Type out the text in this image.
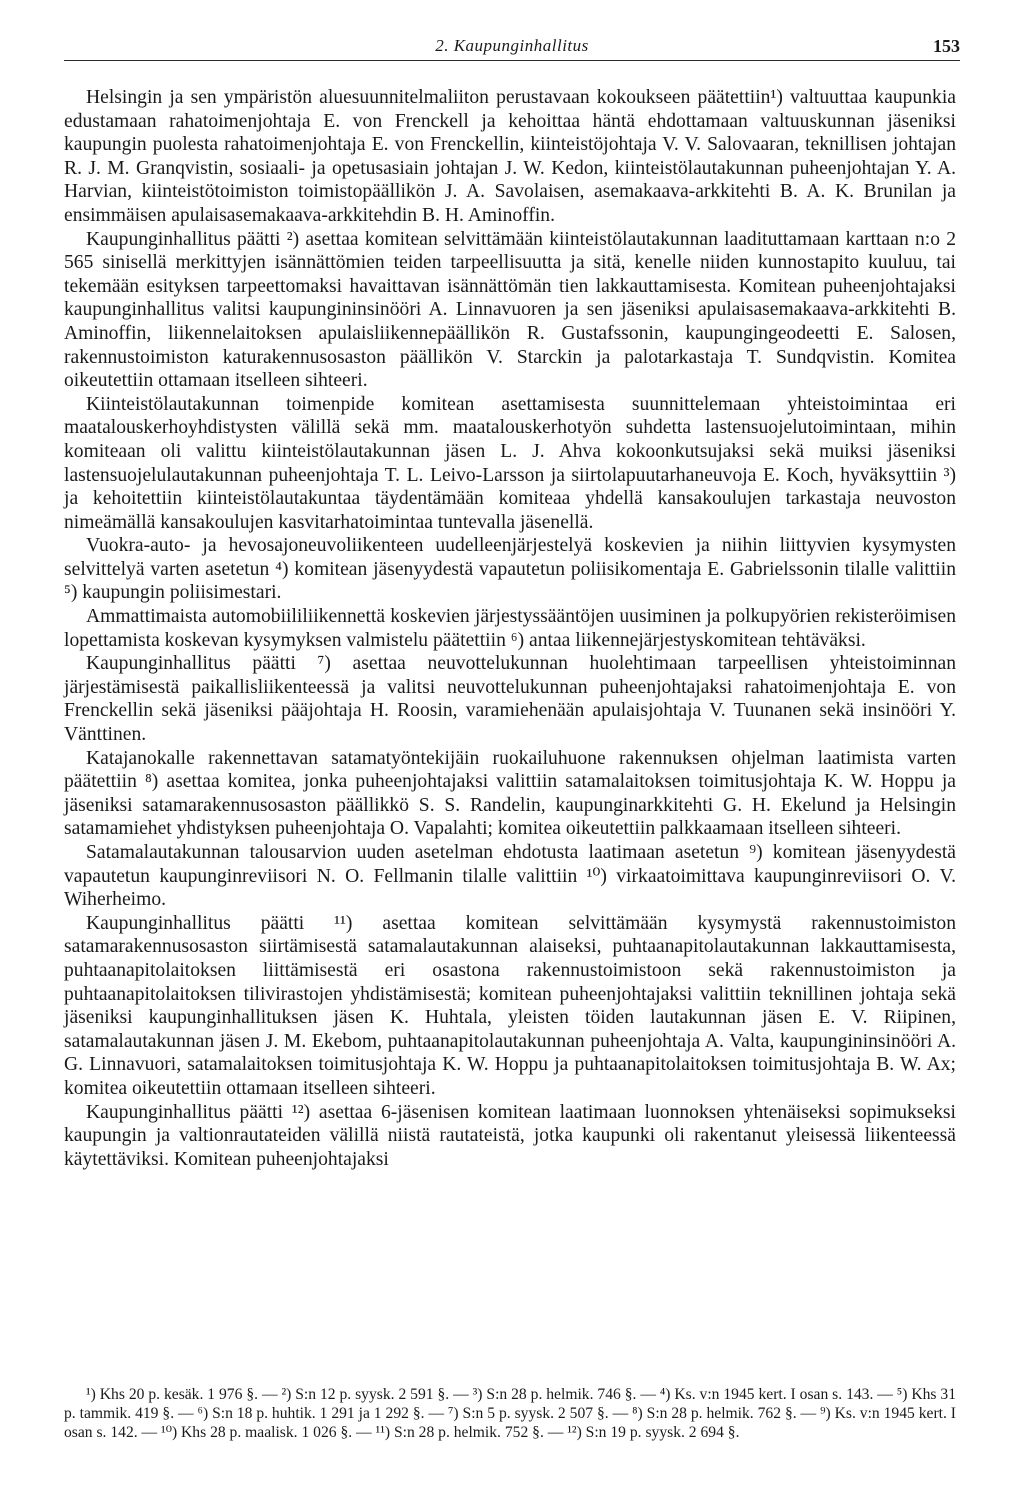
2. Kaupunginhallitus	153

Helsingin ja sen ympäristön aluesuunnitelmaliiton perustavaan kokoukseen päätettiin¹) valtuuttaa kaupunkia edustamaan rahatoimenjohtaja E. von Frenckell ja kehoittaa häntä ehdottamaan valtuuskunnan jäseniksi kaupungin puolesta rahatoimenjohtaja E. von Frenckellin, kiinteistöjohtaja V. V. Salovaaran, teknillisen johtajan R. J. M. Granqvistin, sosiaali- ja opetusasiain johtajan J. W. Kedon, kiinteistölautakunnan puheenjohtajan Y. A. Harvian, kiinteistötoimiston toimistopäällikön J. A. Savolaisen, asemakaava-arkkitehti B. A. K. Brunilan ja ensimmäisen apulaisasemakaava-arkkitehdin B. H. Aminoffin.

Kaupunginhallitus päätti ²) asettaa komitean selvittämään kiinteistölautakunnan laadituttamaan karttaan n:o 2 565 sinisellä merkittyjen isännättömien teiden tarpeellisuutta ja sitä, kenelle niiden kunnostapito kuuluu, tai tekemään esityksen tarpeettomaksi havaittavan isännättömän tien lakkauttamisesta. Komitean puheenjohtajaksi kaupunginhallitus valitsi kaupungininsinööri A. Linnavuoren ja sen jäseniksi apulaisasemakaava-arkkitehti B. Aminoffin, liikennelaitoksen apulaisliikennepäällikön R. Gustafssonin, kaupungingeodeetti E. Salosen, rakennustoimiston katurakennusosaston päällikön V. Starckin ja palotarkastaja T. Sundqvistin. Komitea oikeutettiin ottamaan itselleen sihteeri.

Kiinteistölautakunnan toimenpide komitean asettamisesta suunnittelemaan yhteistoimintaa eri maatalouskerhoyhdistysten välillä sekä mm. maatalouskerhotyön suhdetta lastensuojelutoimintaan, mihin komiteaan oli valittu kiinteistölautakunnan jäsen L. J. Ahva kokoonkutsujaksi sekä muiksi jäseniksi lastensuojelulautakunnan puheenjohtaja T. L. Leivo-Larsson ja siirtolapuutarhaneuvoja E. Koch, hyväksyttiin ³) ja kehoitettiin kiinteistölautakuntaa täydentämään komiteaa yhdellä kansakoulujen tarkastaja neuvoston nimeämällä kansakoulujen kasvitarhatoimintaa tuntevalla jäsenellä.

Vuokra-auto- ja hevosajoneuvoliikenteen uudelleenjärjestelyä koskevien ja niihin liittyvien kysymysten selvittelyä varten asetetun ⁴) komitean jäsenyydestä vapautetun poliisikomentaja E. Gabrielssonin tilalle valittiin ⁵) kaupungin poliisimestari.

Ammattimaista automobiililiikennettä koskevien järjestyssääntöjen uusiminen ja polkupyörien rekisteröimisen lopettamista koskevan kysymyksen valmistelu päätettiin ⁶) antaa liikennejärjestyskomitean tehtäväksi.

Kaupunginhallitus päätti ⁷) asettaa neuvottelukunnan huolehtimaan tarpeellisen yhteistoiminnan järjestämisestä paikallisliikenteessä ja valitsi neuvottelukunnan puheenjohtajaksi rahatoimenjohtaja E. von Frenckellin sekä jäseniksi pääjohtaja H. Roosin, varamiehenään apulaisjohtaja V. Tuunanen sekä insinööri Y. Vänttinen.

Katajanokalle rakennettavan satamatyöntekijäin ruokailuhuone rakennuksen ohjelman laatimista varten päätettiin ⁸) asettaa komitea, jonka puheenjohtajaksi valittiin satamalaitoksen toimitusjohtaja K. W. Hoppu ja jäseniksi satamarakennusosaston päällikkö S. S. Randelin, kaupunginarkkitehti G. H. Ekelund ja Helsingin satamamiehet yhdistyksen puheenjohtaja O. Vapalahti; komitea oikeutettiin palkkaamaan itselleen sihteeri.

Satamalautakunnan talousarvion uuden asetelman ehdotusta laatimaan asetetun ⁹) komitean jäsenyydestä vapautetun kaupunginreviisori N. O. Fellmanin tilalle valittiin ¹⁰) virkaatoimittava kaupunginreviisori O. V. Wiherheimo.

Kaupunginhallitus päätti ¹¹) asettaa komitean selvittämään kysymystä rakennustoimiston satamarakennusosaston siirtämisestä satamalautakunnan alaiseksi, puhtaanapitolautakunnan lakkauttamisesta, puhtaanapitolaitoksen liittämisestä eri osastona rakennustoimistoon sekä rakennustoimiston ja puhtaanapitolaitoksen tilivirastojen yhdistämisestä; komitean puheenjohtajaksi valittiin teknillinen johtaja sekä jäseniksi kaupunginhallituksen jäsen K. Huhtala, yleisten töiden lautakunnan jäsen E. V. Riipinen, satamalautakunnan jäsen J. M. Ekebom, puhtaanapitolautakunnan puheenjohtaja A. Valta, kaupungininsinööri A. G. Linnavuori, satamalaitoksen toimitusjohtaja K. W. Hoppu ja puhtaanapitolaitoksen toimitusjohtaja B. W. Ax; komitea oikeutettiin ottamaan itselleen sihteeri.

Kaupunginhallitus päätti ¹²) asettaa 6-jäsenisen komitean laatimaan luonnoksen yhtenäiseksi sopimukseksi kaupungin ja valtionrautateiden välillä niistä rautateistä, jotka kaupunki oli rakentanut yleisessä liikenteessä käytettäviksi. Komitean puheenjohtajaksi

¹) Khs 20 p. kesäk. 1 976 §. — ²) S:n 12 p. syysk. 2 591 §. — ³) S:n 28 p. helmik. 746 §. — ⁴) Ks. v:n 1945 kert. I osan s. 143. — ⁵) Khs 31 p. tammik. 419 §. — ⁶) S:n 18 p. huhtik. 1 291 ja 1 292 §. — ⁷) S:n 5 p. syysk. 2 507 §. — ⁸) S:n 28 p. helmik. 762 §. — ⁹) Ks. v:n 1945 kert. I osan s. 142. — ¹⁰) Khs 28 p. maalisk. 1 026 §. — ¹¹) S:n 28 p. helmik. 752 §. — ¹²) S:n 19 p. syysk. 2 694 §.
